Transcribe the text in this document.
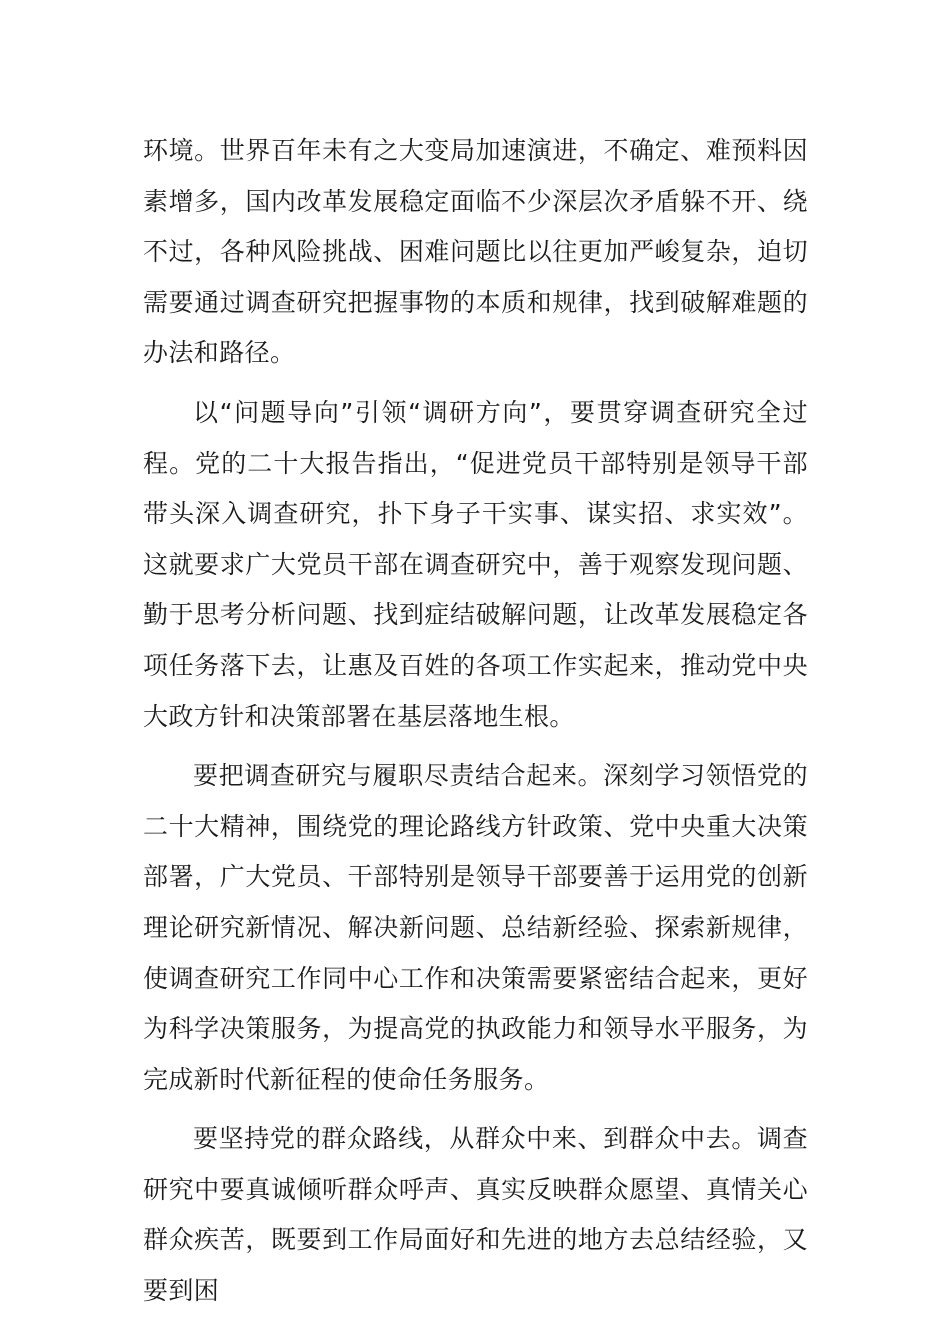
环境。世界百年未有之大变局加速演进，不确定、难预料因素增多，国内改革发展稳定面临不少深层次矛盾躲不开、绕不过，各种风险挑战、困难问题比以往更加严峻复杂，迫切需要通过调查研究把握事物的本质和规律，找到破解难题的办法和路径。

以“问题导向”引领“调研方向”，要贯穿调查研究全过程。党的二十大报告指出，“促进党员干部特别是领导干部带头深入调查研究，扑下身子干实事、谋实招、求实效”。这就要求广大党员干部在调查研究中，善于观察发现问题、勤于思考分析问题、找到症结破解问题，让改革发展稳定各项任务落下去，让惠及百姓的各项工作实起来，推动党中央大政方针和决策部署在基层落地生根。

要把调查研究与履职尽责结合起来。深刻学习领悟党的二十大精神，围绕党的理论路线方针政策、党中央重大决策部署，广大党员、干部特别是领导干部要善于运用党的创新理论研究新情况、解决新问题、总结新经验、探索新规律，使调查研究工作同中心工作和决策需要紧密结合起来，更好为科学决策服务，为提高党的执政能力和领导水平服务，为完成新时代新征程的使命任务服务。

要坚持党的群众路线，从群众中来、到群众中去。调查研究中要真诚倾听群众呼声、真实反映群众愿望、真情关心群众疾苦，既要到工作局面好和先进的地方去总结经验，又要到困
